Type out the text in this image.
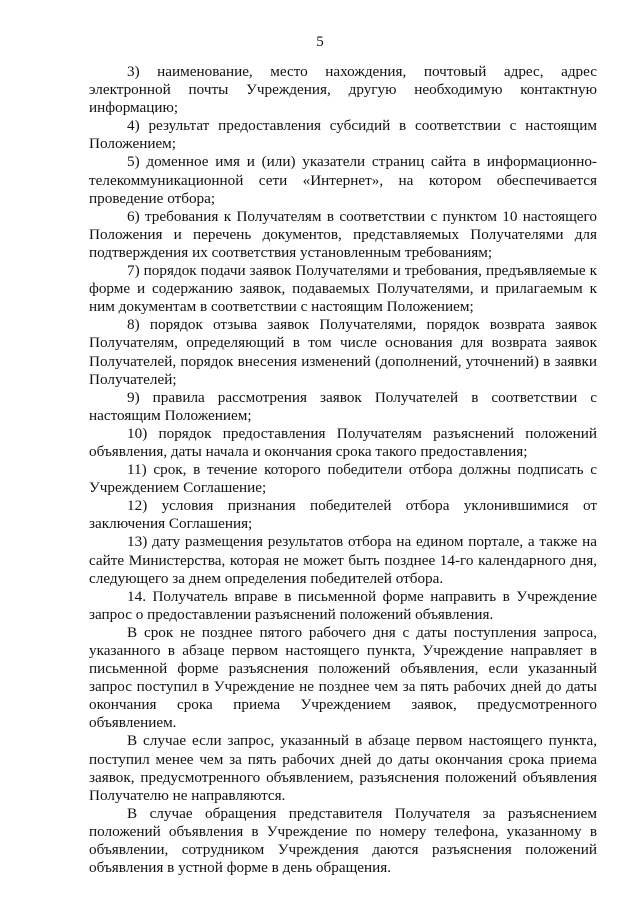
5

3) наименование, место нахождения, почтовый адрес, адрес электронной почты Учреждения, другую необходимую контактную информацию;

4) результат предоставления субсидий в соответствии с настоящим Положением;

5) доменное имя и (или) указатели страниц сайта в информационно-телекоммуникационной сети «Интернет», на котором обеспечивается проведение отбора;

6) требования к Получателям в соответствии с пунктом 10 настоящего Положения и перечень документов, представляемых Получателями для подтверждения их соответствия установленным требованиям;

7) порядок подачи заявок Получателями и требования, предъявляемые к форме и содержанию заявок, подаваемых Получателями, и прилагаемым к ним документам в соответствии с настоящим Положением;

8) порядок отзыва заявок Получателями, порядок возврата заявок Получателям, определяющий в том числе основания для возврата заявок Получателей, порядок внесения изменений (дополнений, уточнений) в заявки Получателей;

9) правила рассмотрения заявок Получателей в соответствии с настоящим Положением;

10) порядок предоставления Получателям разъяснений положений объявления, даты начала и окончания срока такого предоставления;

11) срок, в течение которого победители отбора должны подписать с Учреждением Соглашение;

12) условия признания победителей отбора уклонившимися от заключения Соглашения;

13) дату размещения результатов отбора на едином портале, а также на сайте Министерства, которая не может быть позднее 14-го календарного дня, следующего за днем определения победителей отбора.

14. Получатель вправе в письменной форме направить в Учреждение запрос о предоставлении разъяснений положений объявления.

В срок не позднее пятого рабочего дня с даты поступления запроса, указанного в абзаце первом настоящего пункта, Учреждение направляет в письменной форме разъяснения положений объявления, если указанный запрос поступил в Учреждение не позднее чем за пять рабочих дней до даты окончания срока приема Учреждением заявок, предусмотренного объявлением.

В случае если запрос, указанный в абзаце первом настоящего пункта, поступил менее чем за пять рабочих дней до даты окончания срока приема заявок, предусмотренного объявлением, разъяснения положений объявления Получателю не направляются.

В случае обращения представителя Получателя за разъяснением положений объявления в Учреждение по номеру телефона, указанному в объявлении, сотрудником Учреждения даются разъяснения положений объявления в устной форме в день обращения.
